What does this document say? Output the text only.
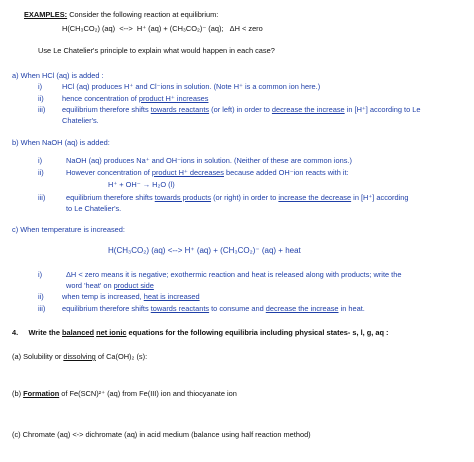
EXAMPLES: Consider the following reaction at equilibrium:
H(CH₃CO₂) (aq) <--> H⁺ (aq) + (CH₃CO₂)⁻ (aq); ΔH < zero
Use Le Chatelier's principle to explain what would happen in each case?
a) When HCl (aq) is added :
i)	HCl (aq) produces H⁺ and Cl⁻ions in solution. (Note H⁺ is a common ion here.)
ii) hence concentration of product H⁺ increases
iii) equilibrium therefore shifts towards reactants (or left) in order to decrease the increase in [H⁺] according to Le
Chatelier's.
b) When NaOH (aq) is added:
i)	NaOH (aq) produces Na⁺ and OH⁻ions in solution. (Neither of these are common ions.)
ii)	However concentration of product H⁺ decreases because added OH⁻ion reacts with it:
H⁺ + OH⁻ → H₂O (l)
iii)	equilibrium therefore shifts towards products (or right) in order to increase the decrease in [H⁺] according
to Le Chatelier's.
c) When temperature is increased:
H(CH₃CO₂) (aq) <--> H⁺ (aq) + (CH₃CO₂)⁻ (aq) + heat
i)	ΔH < zero means it is negative; exothermic reaction and heat is released along with products; write the
word 'heat' on product side
ii) when temp is increased, heat is increased
iii) equilibrium therefore shifts towards reactants to consume and decrease the increase in heat.
4. Write the balanced net ionic equations for the following equilibria including physical states- s, l, g, aq :
(a) Solubility or dissolving of Ca(OH)₂ (s):
(b) Formation of Fe(SCN)²⁺ (aq) from Fe(III) ion and thiocyanate ion
(c) Chromate (aq) <-> dichromate (aq) in acid medium (balance using half reaction method)
